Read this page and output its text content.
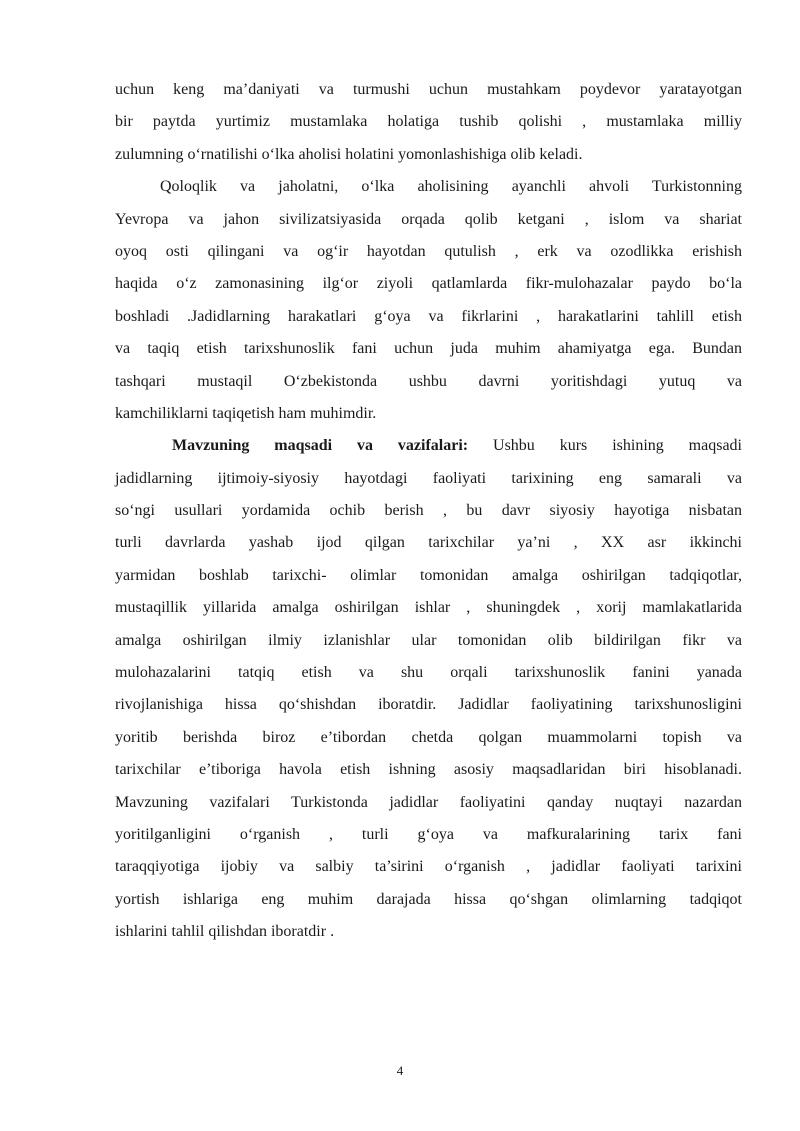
uchun keng ma’daniyati va turmushi uchun mustahkam poydevor yaratayotgan
bir paytda yurtimiz mustamlaka holatiga tushib qolishi , mustamlaka milliy
zulumning o‘rnatilishi o‘lka aholisi holatini yomonlashishiga olib keladi.
Qoloqlik va jaholatni, o‘lka aholisining ayanchli ahvoli Turkistonning
Yevropa va jahon sivilizatsiyasida orqada qolib ketgani , islom va shariat
oyoq osti qilingani va og‘ir hayotdan qutulish , erk va ozodlikka erishish
haqida o‘z zamonasining ilg‘or ziyoli qatlamlarda fikr-mulohazalar paydo bo‘la
boshladi .Jadidlarning harakatlari g‘oya va fikrlarini , harakatlarini tahlill etish
va taqiq etish tarixshunoslik fani uchun juda muhim ahamiyatga ega. Bundan
tashqari mustaqil O‘zbekistonda ushbu davrni yoritishdagi yutuq va
kamchiliklarni taqiqetish ham muhimdir.
Mavzuning maqsadi va vazifalari: Ushbu kurs ishining maqsadi
jadidlarning ijtimoiy-siyosiy hayotdagi faoliyati tarixining eng samarali va
so‘ngi usullari yordamida ochib berish , bu davr siyosiy hayotiga nisbatan
turli davrlarda yashab ijod qilgan tarixchilar ya’ni , XX asr ikkinchi
yarmidan boshlab tarixchi- olimlar tomonidan amalga oshirilgan tadqiqotlar,
mustaqillik yillarida amalga oshirilgan ishlar , shuningdek , xorij mamlakatlarida
amalga oshirilgan ilmiy izlanishlar ular tomonidan olib bildirilgan fikr va
mulohazalarini tatqiq etish va shu orqali tarixshunoslik fanini yanada
rivojlanishiga hissa qo‘shishdan iboratdir. Jadidlar faoliyatining tarixshunosligini
yoritib berishda biroz e’tibordan chetda qolgan muammolarni topish va
tarixchilar e’tiboriga havola etish ishning asosiy maqsadlaridan biri hisoblanadi.
Mavzuning vazifalari Turkistonda jadidlar faoliyatini qanday nuqtayi nazardan
yoritilganligini o‘rganish , turli g‘oya va mafkuralarining tarix fani
taraqqiyotiga ijobiy va salbiy ta’sirini o‘rganish , jadidlar faoliyati tarixini
yortish ishlariga eng muhim darajada hissa qo‘shgan olimlarning tadqiqot
ishlarini tahlil qilishdan iboratdir .
4
